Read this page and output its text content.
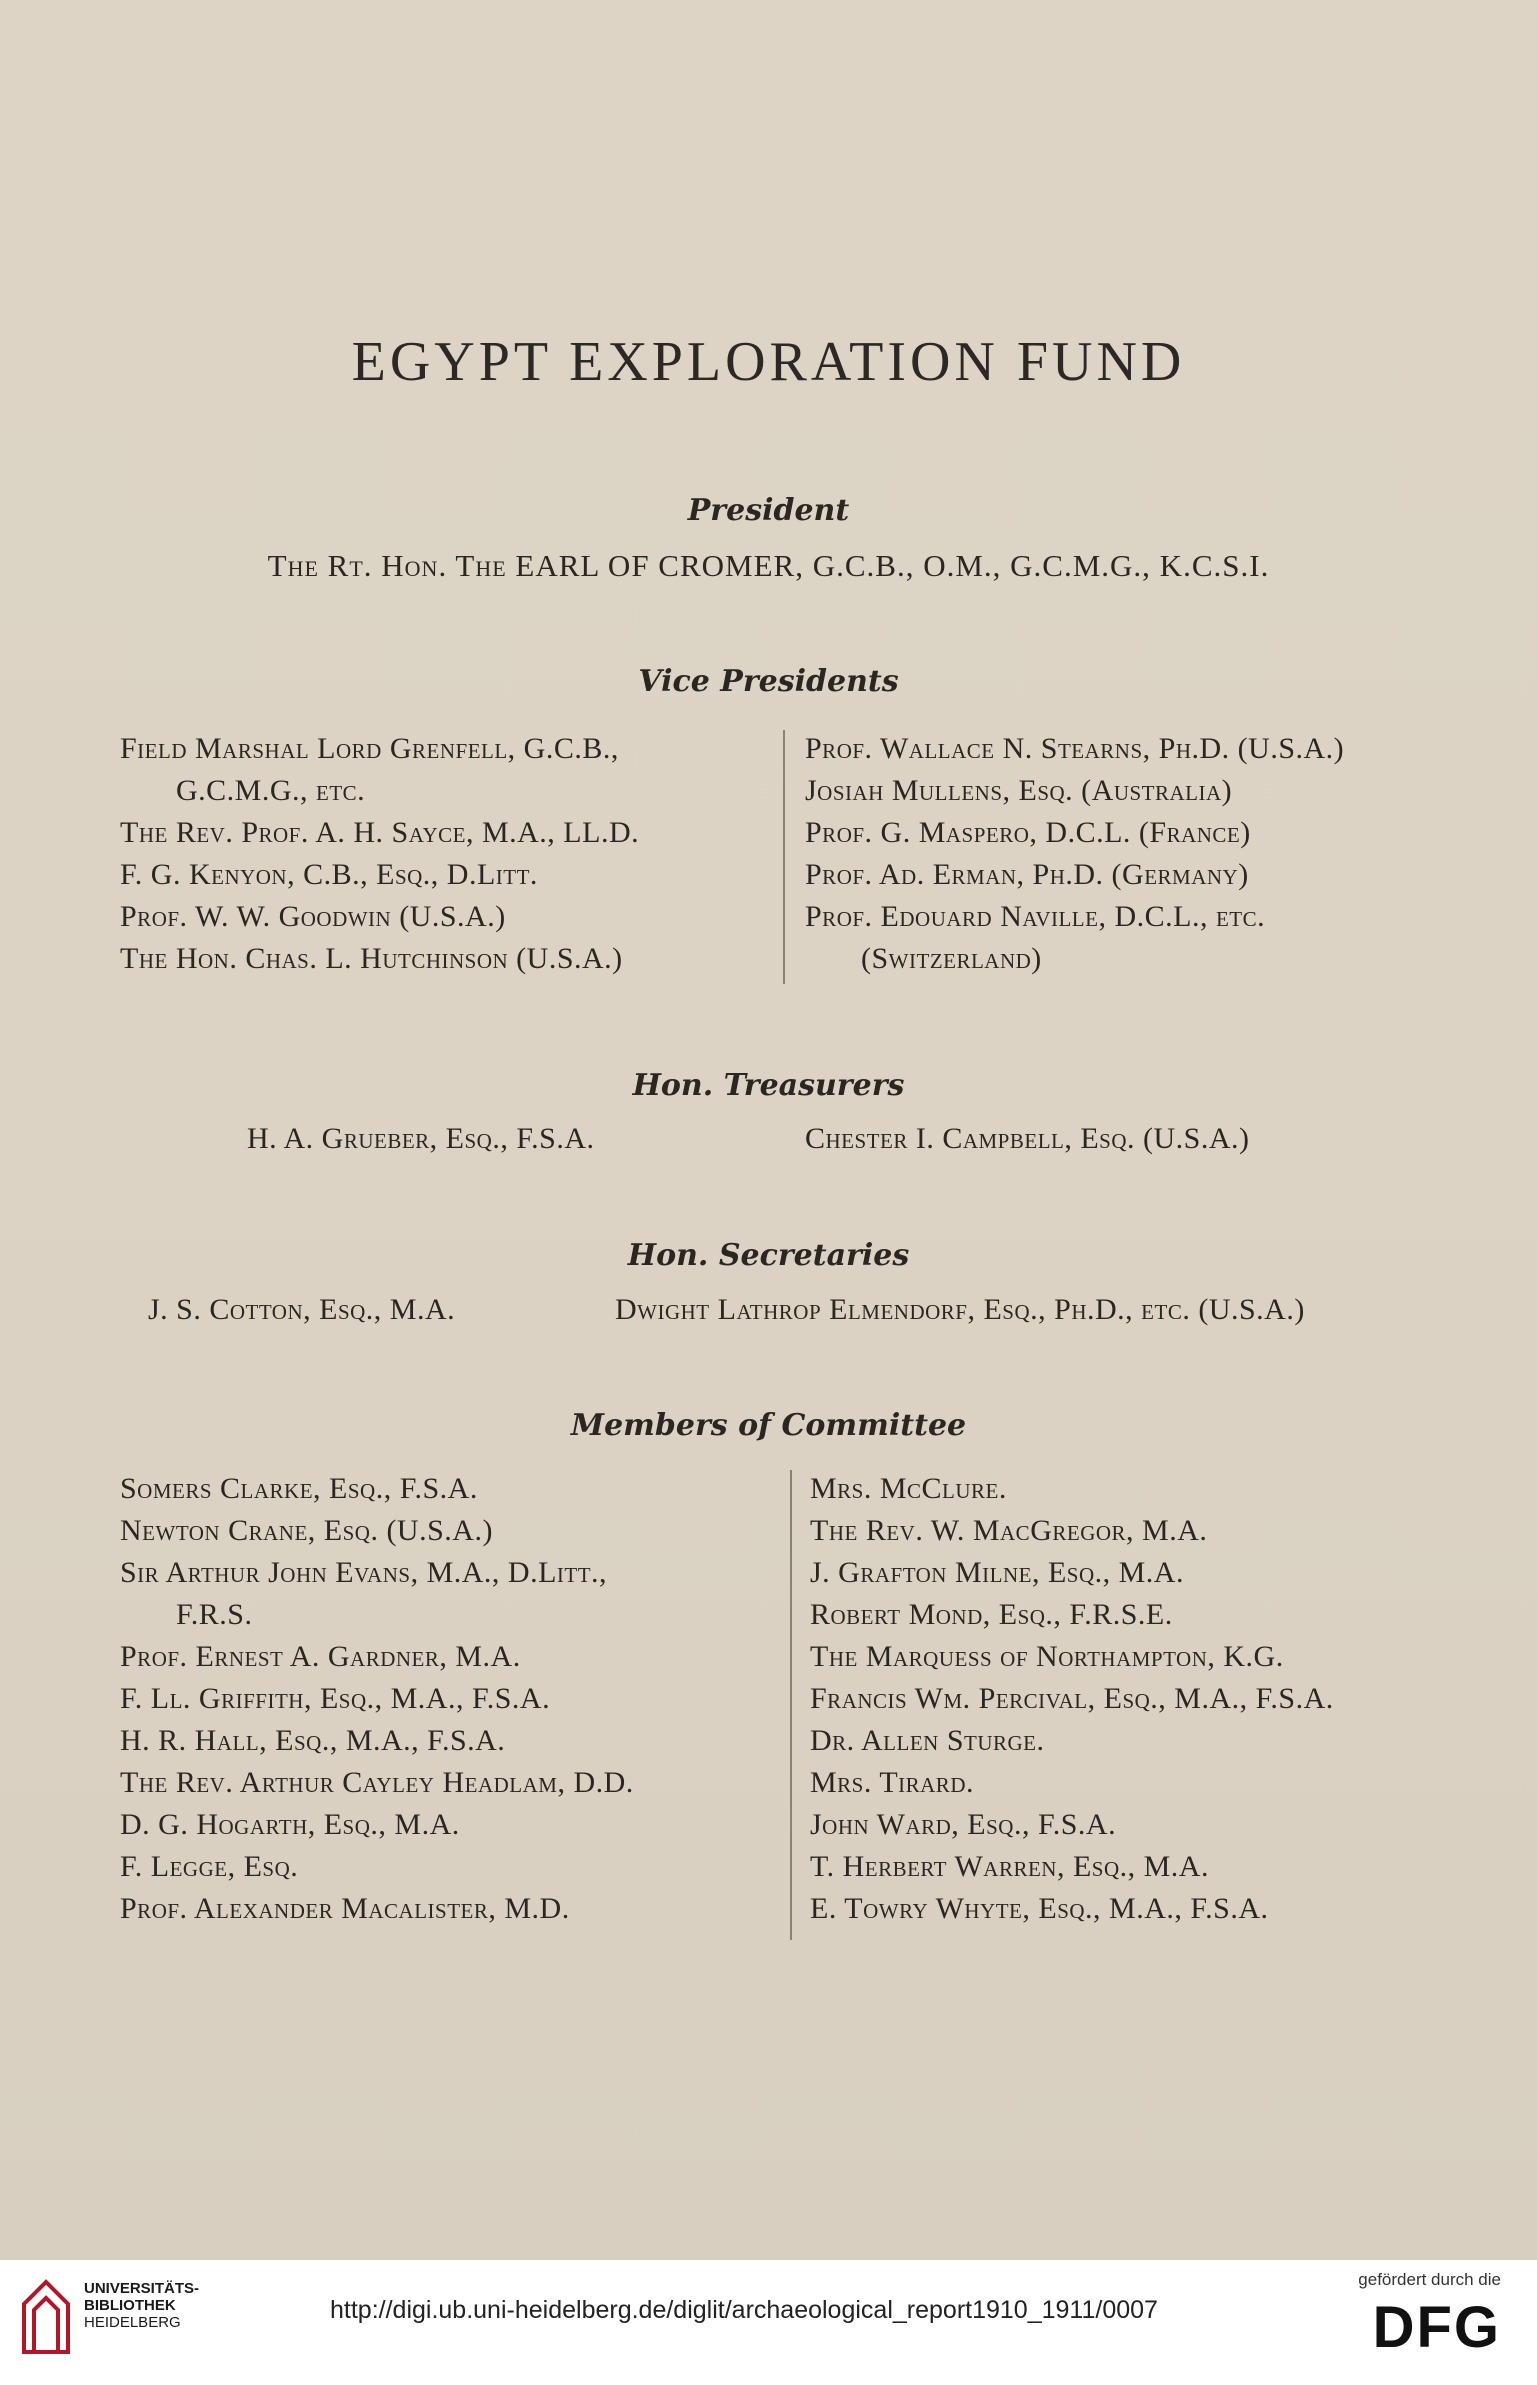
EGYPT EXPLORATION FUND
President
The Rt. Hon. The EARL OF CROMER, G.C.B., O.M., G.C.M.G., K.C.S.I.
Vice Presidents
Field Marshal Lord Grenfell, G.C.B.,
G.C.M.G., etc.
The Rev. Prof. A. H. Sayce, M.A., LL.D.
F. G. Kenyon, C.B., Esq., D.Litt.
Prof. W. W. Goodwin (U.S.A.)
The Hon. Chas. L. Hutchinson (U.S.A.)
Prof. Wallace N. Stearns, Ph.D. (U.S.A.)
Josiah Mullens, Esq. (Australia)
Prof. G. Maspero, D.C.L. (France)
Prof. Ad. Erman, Ph.D. (Germany)
Prof. Edouard Naville, D.C.L., etc.
(Switzerland)
Hon. Treasurers
H. A. Grueber, Esq., F.S.A.	Chester I. Campbell, Esq. (U.S.A.)
Hon. Secretaries
J. S. Cotton, Esq., M.A.	Dwight Lathrop Elmendorf, Esq., Ph.D., etc. (U.S.A.)
Members of Committee
Somers Clarke, Esq., F.S.A.
Newton Crane, Esq. (U.S.A.)
Sir Arthur John Evans, M.A., D.Litt.,
F.R.S.
Prof. Ernest A. Gardner, M.A.
F. Ll. Griffith, Esq., M.A., F.S.A.
H. R. Hall, Esq., M.A., F.S.A.
The Rev. Arthur Cayley Headlam, D.D.
D. G. Hogarth, Esq., M.A.
F. Legge, Esq.
Prof. Alexander Macalister, M.D.
Mrs. McClure.
The Rev. W. MacGregor, M.A.
J. Grafton Milne, Esq., M.A.
Robert Mond, Esq., F.R.S.E.
The Marquess of Northampton, K.G.
Francis Wm. Percival, Esq., M.A., F.S.A.
Dr. Allen Sturge.
Mrs. Tirard.
John Ward, Esq., F.S.A.
T. Herbert Warren, Esq., M.A.
E. Towry Whyte, Esq., M.A., F.S.A.
UNIVERSITÄTS-
BIBLIOTHEK
HEIDELBERG	http://digi.ub.uni-heidelberg.de/diglit/archaeological_report1910_1911/0007
gefördert durch die
DFG
